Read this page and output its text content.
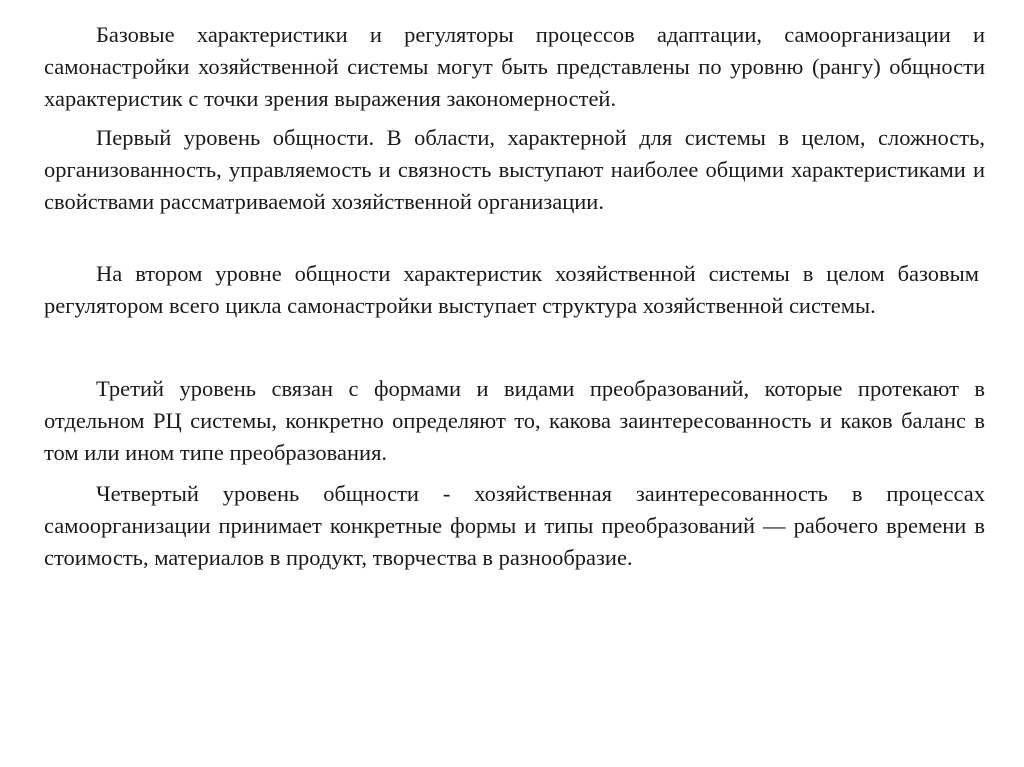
Базовые характеристики и регуляторы процессов адаптации, самоорганизации и самонастройки хозяйственной системы могут быть представлены по уровню (рангу) общности характеристик с точки зрения выражения закономерностей.

Первый уровень общности. В области, характерной для системы в целом, сложность, организованность, управляемость и связность выступают наиболее общими характеристиками и свойствами рассматриваемой хозяйственной организации.

На втором уровне общности характеристик хозяйственной системы в целом базовым регулятором всего цикла самонастройки выступает структура хозяйственной системы.

Третий уровень связан с формами и видами преобразований, которые протекают в отдельном РЦ системы, конкретно определяют то, какова заинтересованность и каков баланс в том или ином типе преобразования.

Четвертый уровень общности - хозяйственная заинтересованность в процессах самоорганизации принимает конкретные формы и типы преобразований — рабочего времени в стоимость, материалов в продукт, творчества в разнообразие.
